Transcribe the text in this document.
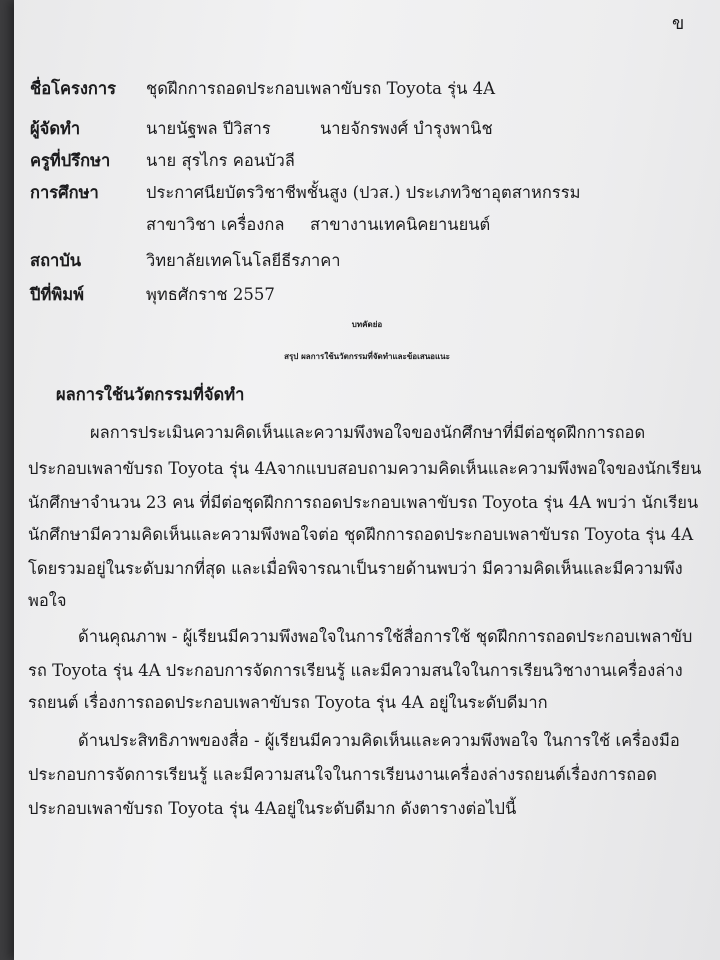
ข
ชื่อโครงการ ชุดฝึกการถอดประกอบเพลาขับรถ Toyota รุ่น 4A
ผู้จัดทำ	นายนัฐพล ปีวิสาร	นายจักรพงศ์ บำรุงพานิช
ครูที่ปรึกษา นาย สุรไกร คอนบัวลี
การศึกษา	ประกาศนียบัตรวิชาชีพชั้นสูง (ปวส.) ประเภทวิชาอุตสาหกรรม
สาขาวิชา เครื่องกล สาขางานเทคนิคยานยนต์
สถาบัน	วิทยาลัยเทคโนโลยีธีรภาคา
ปีที่พิมพ์	พุทธศักราช 2557
บทคัดย่อ
สรุป ผลการใช้นวัตกรรมที่จัดทำและข้อเสนอแนะ
ผลการใช้นวัตกรรมที่จัดทำ
ผลการประเมินความคิดเห็นและความพึงพอใจของนักศึกษาที่มีต่อชุดฝึกการถอด
ประกอบเพลาขับรถ Toyota รุ่น 4Aจากแบบสอบถามความคิดเห็นและความพึงพอใจของนักเรียน
นักศึกษาจำนวน 23 คน ที่มีต่อชุดฝึกการถอดประกอบเพลาขับรถ Toyota รุ่น 4A พบว่า นักเรียน
นักศึกษามีความคิดเห็นและความพึงพอใจต่อ ชุดฝึกการถอดประกอบเพลาขับรถ Toyota รุ่น 4A
โดยรวมอยู่ในระดับมากที่สุด และเมื่อพิจารณาเป็นรายด้านพบว่า มีความคิดเห็นและมีความพึง
พอใจ
ด้านคุณภาพ - ผู้เรียนมีความพึงพอใจในการใช้สื่อการใช้ ชุดฝึกการถอดประกอบเพลาขับ
รถ Toyota รุ่น 4A ประกอบการจัดการเรียนรู้ และมีความสนใจในการเรียนวิชางานเครื่องล่าง
รถยนต์ เรื่องการถอดประกอบเพลาขับรถ Toyota รุ่น 4A อยู่ในระดับดีมาก
ด้านประสิทธิภาพของสื่อ - ผู้เรียนมีความคิดเห็นและความพึงพอใจ ในการใช้ เครื่องมือ
ประกอบการจัดการเรียนรู้ และมีความสนใจในการเรียนงานเครื่องล่างรถยนต์เรื่องการถอด
ประกอบเพลาขับรถ Toyota รุ่น 4Aอยู่ในระดับดีมาก ดังตารางต่อไปนี้
